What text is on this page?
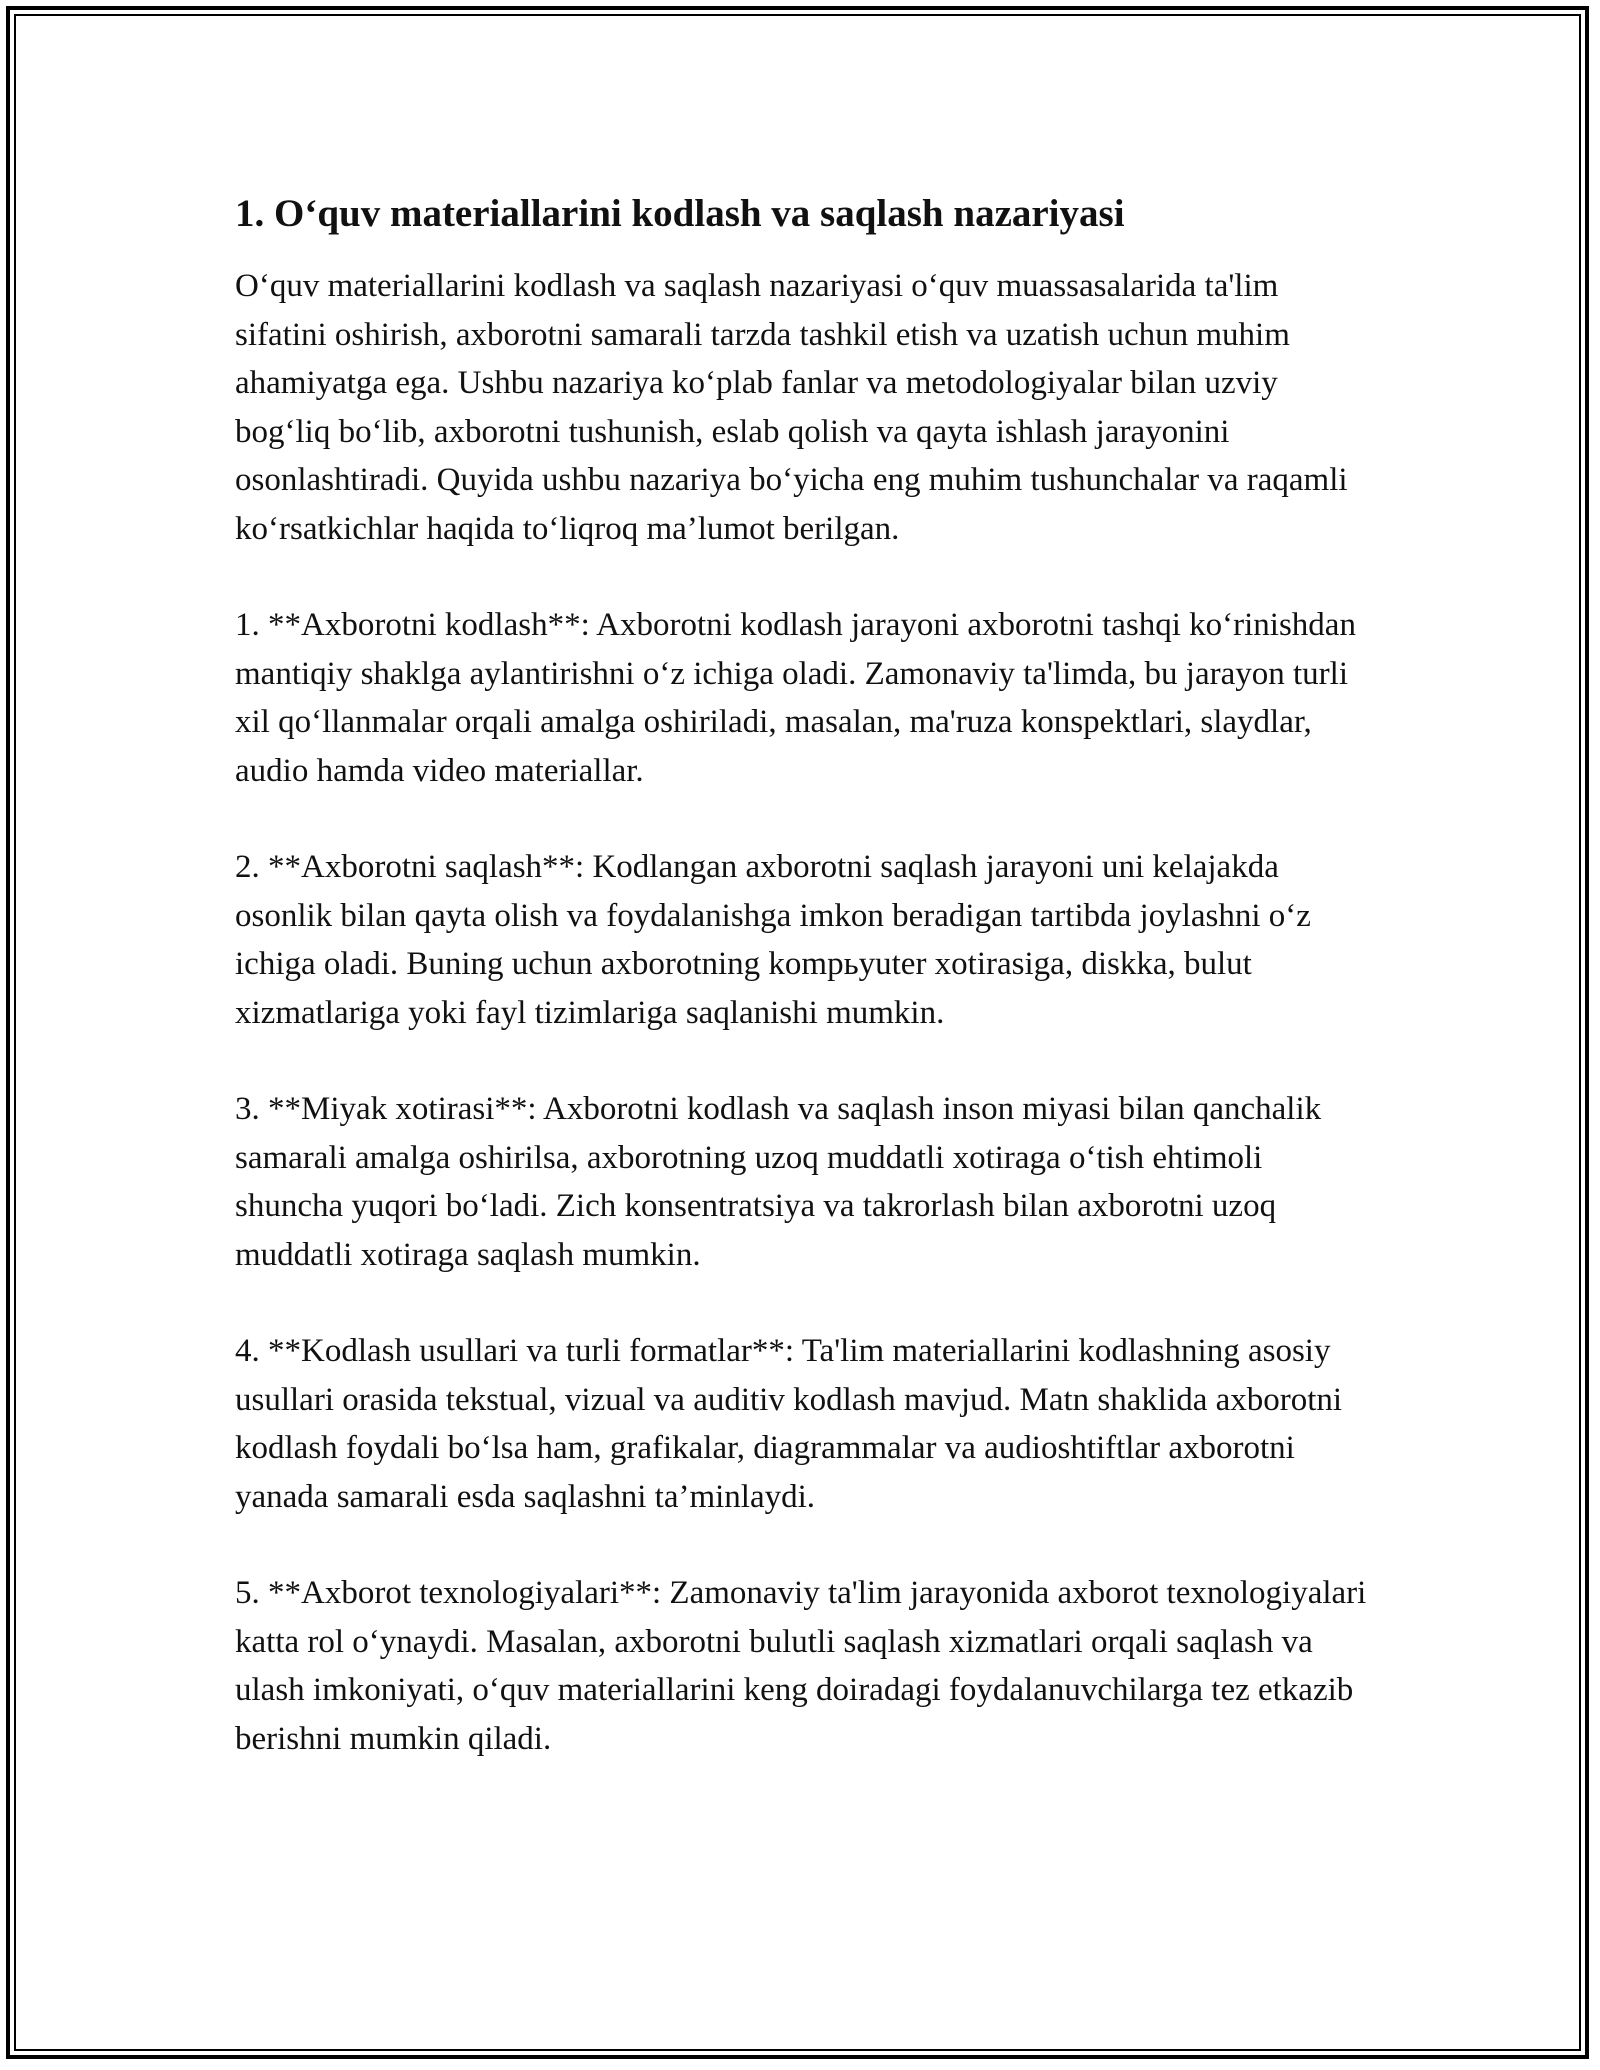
1. O‘quv materiallarini kodlash va saqlash nazariyasi

O‘quv materiallarini kodlash va saqlash nazariyasi o‘quv muassasalarida ta'lim sifatini oshirish, axborotni samarali tarzda tashkil etish va uzatish uchun muhim ahamiyatga ega. Ushbu nazariya ko‘plab fanlar va metodologiyalar bilan uzviy bog‘liq bo‘lib, axborotni tushunish, eslab qolish va qayta ishlash jarayonini osonlashtiradi. Quyida ushbu nazariya bo‘yicha eng muhim tushunchalar va raqamli ko‘rsatkichlar haqida to‘liqroq ma’lumot berilgan.

1. **Axborotni kodlash**: Axborotni kodlash jarayoni axborotni tashqi ko‘rinishdan mantiqiy shaklga aylantirishni o‘z ichiga oladi. Zamonaviy ta'limda, bu jarayon turli xil qo‘llanmalar orqali amalga oshiriladi, masalan, ma'ruza konspektlari, slaydlar, audio hamda video materiallar.

2. **Axborotni saqlash**: Kodlangan axborotni saqlash jarayoni uni kelajakda osonlik bilan qayta olish va foydalanishga imkon beradigan tartibda joylashni o‘z ichiga oladi. Buning uchun axborotning kompьyuter xotirasiga, diskka, bulut xizmatlariga yoki fayl tizimlariga saqlanishi mumkin.

3. **Miyak xotirasi**: Axborotni kodlash va saqlash inson miyasi bilan qanchalik samarali amalga oshirilsa, axborotning uzoq muddatli xotiraga o‘tish ehtimoli shuncha yuqori bo‘ladi. Zich konsentratsiya va takrorlash bilan axborotni uzoq muddatli xotiraga saqlash mumkin.

4. **Kodlash usullari va turli formatlar**: Ta'lim materiallarini kodlashning asosiy usullari orasida tekstual, vizual va auditiv kodlash mavjud. Matn shaklida axborotni kodlash foydali bo‘lsa ham, grafikalar, diagrammalar va audioshtiftlar axborotni yanada samarali esda saqlashni ta’minlaydi.

5. **Axborot texnologiyalari**: Zamonaviy ta'lim jarayonida axborot texnologiyalari katta rol o‘ynaydi. Masalan, axborotni bulutli saqlash xizmatlari orqali saqlash va ulash imkoniyati, o‘quv materiallarini keng doiradagi foydalanuvchilarga tez etkazib berishni mumkin qiladi.
